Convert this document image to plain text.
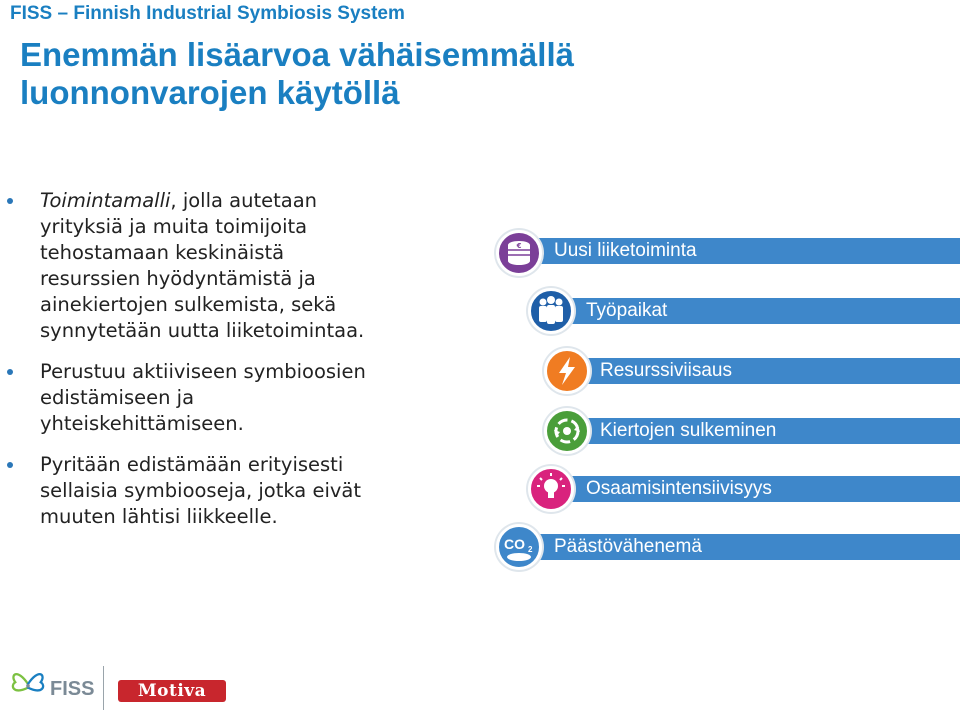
FISS – Finnish Industrial Symbiosis System
Enemmän lisäarvoa vähäisemmällä
luonnonvarojen käytöllä
Toimintamalli, jolla autetaan
yrityksiä ja muita toimijoita
tehostamaan keskinäistä
resurssien hyödyntämistä ja
ainekiertojen sulkemista, sekä
synnytetään uutta liiketoimintaa.
Perustuu aktiiviseen symbioosien
edistämiseen ja
yhteiskehittämiseen.
Pyritään edistämään erityisesti
sellaisia symbiooseja, jotka eivät
muuten lähtisi liikkeelle.
Uusi liiketoiminta
Työpaikat
Resurssiviisaus
Kiertojen sulkeminen
Osaamisintensiivisyys
Päästövähenemä
€
CO 2
FISS	Motiva
